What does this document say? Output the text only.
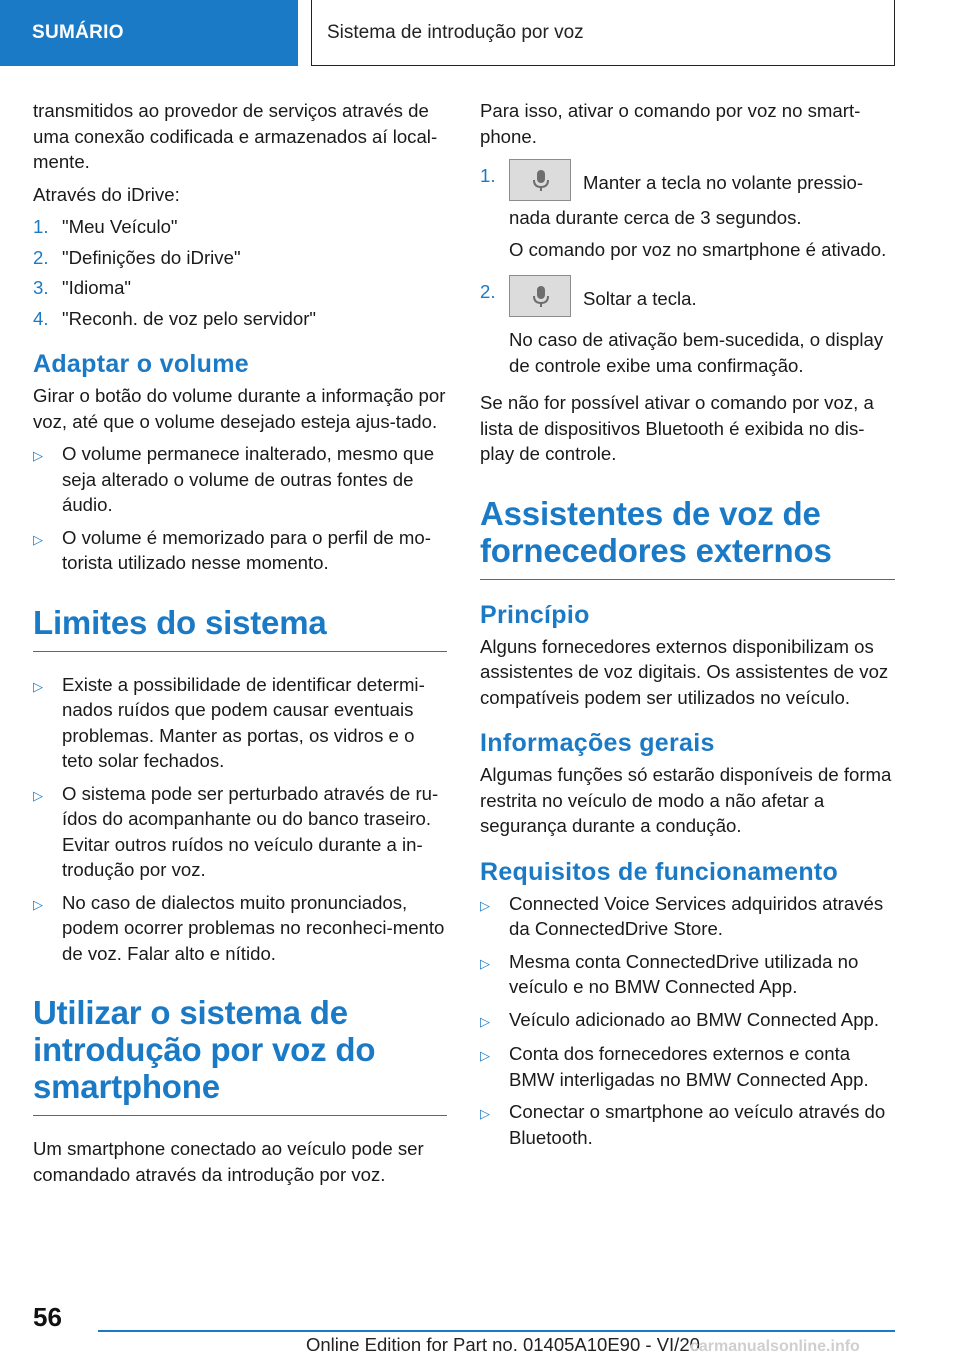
SUMÁRIO	Sistema de introdução por voz

transmitidos ao provedor de serviços através de uma conexão codificada e armazenados aí local-mente.

Através do iDrive:

1. "Meu Veículo"
2. "Definições do iDrive"
3. "Idioma"
4. "Reconh. de voz pelo servidor"
Adaptar o volume

Girar o botão do volume durante a informação por voz, até que o volume desejado esteja ajus-tado.

▷	O volume permanece inalterado, mesmo que seja alterado o volume de outras fontes de áudio.
▷	O volume é memorizado para o perfil de mo-torista utilizado nesse momento.
Limites do sistema
▷	Existe a possibilidade de identificar determi-nados ruídos que podem causar eventuais problemas. Manter as portas, os vidros e o teto solar fechados.
▷	O sistema pode ser perturbado através de ru-ídos do acompanhante ou do banco traseiro. Evitar outros ruídos no veículo durante a in-trodução por voz.
▷	No caso de dialectos muito pronunciados, podem ocorrer problemas no reconheci-mento de voz. Falar alto e nítido.
Utilizar o sistema de introdução por voz do smartphone

Um smartphone conectado ao veículo pode ser comandado através da introdução por voz.

Para isso, ativar o comando por voz no smart-phone.

1.	Manter a tecla no volante pressio-nada durante cerca de 3 segundos.

O comando por voz no smartphone é ativado.

2.	Soltar a tecla.

No caso de ativação bem-sucedida, o display de controle exibe uma confirmação.

Se não for possível ativar o comando por voz, a lista de dispositivos Bluetooth é exibida no dis-play de controle.

Assistentes de voz de fornecedores externos
Princípio

Alguns fornecedores externos disponibilizam os assistentes de voz digitais. Os assistentes de voz compatíveis podem ser utilizados no veículo.

Informações gerais

Algumas funções só estarão disponíveis de forma restrita no veículo de modo a não afetar a segurança durante a condução.

Requisitos de funcionamento
▷	Connected Voice Services adquiridos através da ConnectedDrive Store.
▷	Mesma conta ConnectedDrive utilizada no veículo e no BMW Connected App.
▷	Veículo adicionado ao BMW Connected App.
▷	Conta dos fornecedores externos e conta BMW interligadas no BMW Connected App.
▷	Conectar o smartphone ao veículo através do Bluetooth.
56
Online Edition for Part no. 01405A10E90 - VI/20
carmanualsonline.info
